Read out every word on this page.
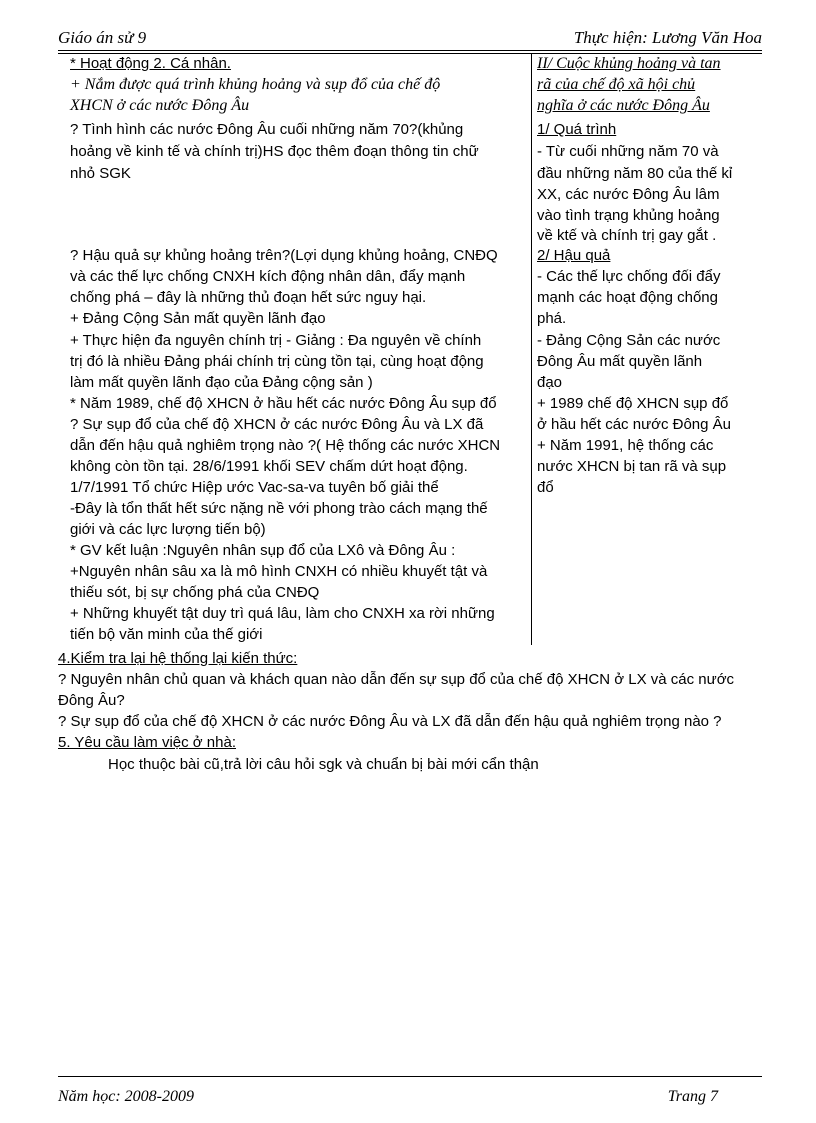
Giáo án sử 9	Thực hiện: Lương Văn Hoa
* Hoạt động 2. Cá nhân.
+ Nắm được quá trình khủng hoảng và sụp đổ của chế độ
XHCN ở các nước Đông Âu
? Tình hình các nước Đông Âu cuối những năm 70?(khủng
hoảng về kinh tế và chính trị)HS đọc thêm đoạn thông tin chữ
nhỏ SGK
? Hậu quả sự khủng hoảng trên?(Lợi dụng khủng hoảng, CNĐQ
và các thế lực chống CNXH kích động nhân dân, đẩy mạnh
chống phá – đây là những thủ đoạn hết sức nguy hại.
+ Đảng Cộng Sản mất quyền lãnh đạo
+ Thực hiện đa nguyên chính trị - Giảng : Đa nguyên về chính
trị đó là nhiều Đảng phái chính trị cùng tồn tại, cùng hoạt động
làm mất quyền lãnh đạo của Đảng cộng sản )
* Năm 1989, chế độ XHCN ở hầu hết các nước Đông Âu sụp đổ
? Sự sụp đổ của chế độ XHCN ở các nước Đông Âu và LX đã
dẫn đến hậu quả nghiêm trọng nào ?( Hệ thống các nước XHCN
không còn tồn tại. 28/6/1991 khối SEV chấm dứt hoạt động.
1/7/1991 Tổ chức Hiệp ước Vac-sa-va tuyên bố giải thể
-Đây là tổn thất hết sức nặng nề với phong trào cách mạng thế
giới và các lực lượng tiến bộ)
* GV kết luận :Nguyên nhân sụp đổ của LXô và Đông Âu :
+Nguyên nhân sâu xa là mô hình CNXH có nhiều khuyết tật và
thiếu sót, bị sự chống phá của CNĐQ
+ Những khuyết tật duy trì quá lâu, làm cho CNXH xa rời những
tiến bộ văn minh của thế giới
II/ Cuộc khủng hoảng và tan
rã của chế độ xã hội chủ
nghĩa ở các nước Đông Âu
1/ Quá trình
- Từ cuối những năm 70 và
đầu những năm 80 của thế kỉ
XX, các nước Đông Âu lâm
vào tình trạng khủng hoảng
về ktế và chính trị gay gắt .
2/ Hậu quả
- Các thế lực chống đối đẩy
mạnh các hoạt động chống
phá.
- Đảng Cộng Sản các nước
Đông Âu mất quyền lãnh
đạo
+ 1989 chế độ XHCN sụp đổ
ở hầu hết các nước Đông Âu
+ Năm 1991, hệ thống các
nước XHCN bị tan rã và sụp
đổ
4.Kiểm tra lại hệ thống lại kiến thức:
? Nguyên nhân chủ quan và khách quan nào dẫn đến sự sụp đổ của chế độ XHCN ở LX và các nước
Đông Âu?
? Sự sụp đổ của chế độ XHCN ở các nước Đông Âu và LX đã dẫn đến hậu quả nghiêm trọng nào ?
5. Yêu cầu làm việc ở nhà:
Học thuộc bài cũ,trả lời câu hỏi sgk và chuẩn bị bài mới cẩn thận
Năm học: 2008-2009	Trang 7
